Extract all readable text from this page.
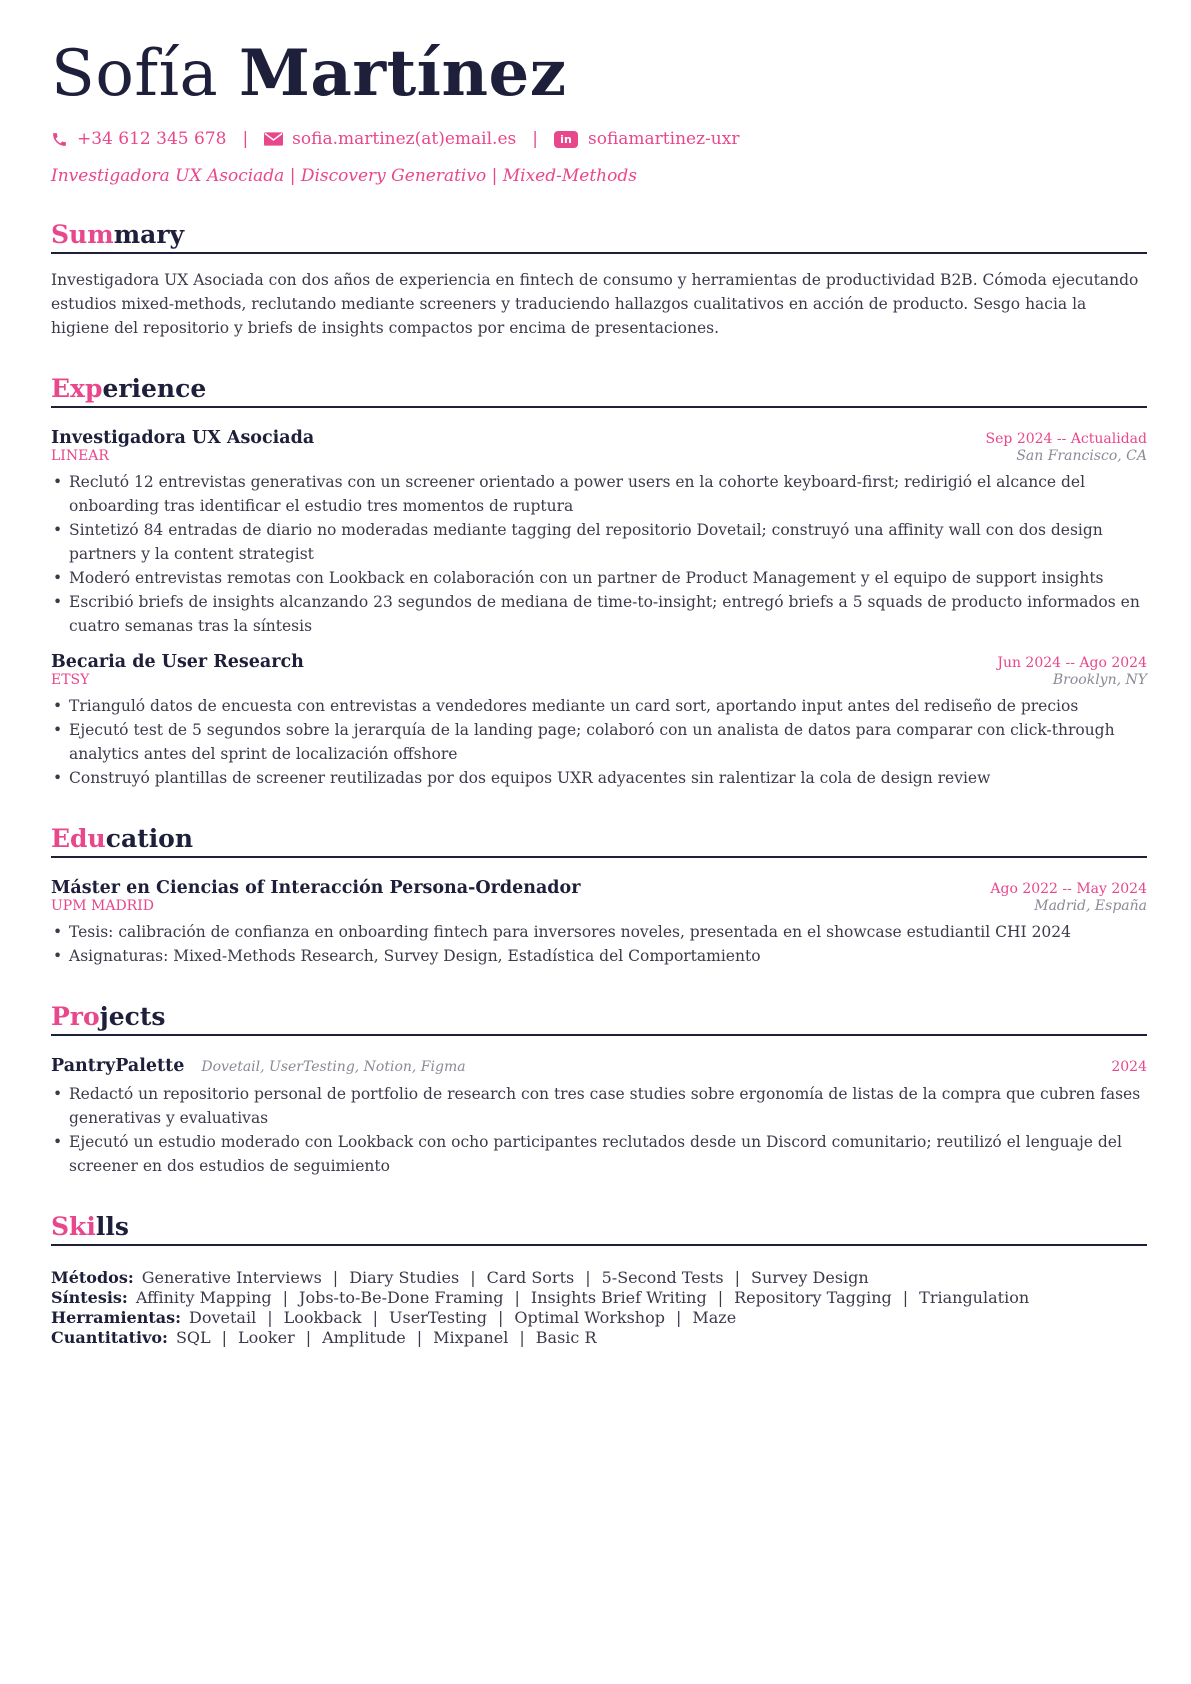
Sofía Martínez
+34 612 345 678 |	sofia.martinez(at)email.es |	in sofiamartinez-uxr
Investigadora UX Asociada | Discovery Generativo | Mixed-Methods
Summary

Investigadora UX Asociada con dos años de experiencia en fintech de consumo y herramientas de productividad B2B. Cómoda ejecutando estudios mixed-methods, reclutando mediante screeners y traduciendo hallazgos cualitativos en acción de producto. Sesgo hacia la higiene del repositorio y briefs de insights compactos por encima de presentaciones.

Experience
Investigadora UX Asociada	Sep 2024 -- Actualidad
LINEAR	San Francisco, CA
• Reclutó 12 entrevistas generativas con un screener orientado a power users en la cohorte keyboard-first; redirigió el alcance del onboarding tras identificar el estudio tres momentos de ruptura
• Sintetizó 84 entradas de diario no moderadas mediante tagging del repositorio Dovetail; construyó una affinity wall con dos design partners y la content strategist
• Moderó entrevistas remotas con Lookback en colaboración con un partner de Product Management y el equipo de support insights
• Escribió briefs de insights alcanzando 23 segundos de mediana de time-to-insight; entregó briefs a 5 squads de producto informados en cuatro semanas tras la síntesis
Becaria de User Research	Jun 2024 -- Ago 2024
ETSY	Brooklyn, NY
• Trianguló datos de encuesta con entrevistas a vendedores mediante un card sort, aportando input antes del rediseño de precios
• Ejecutó test de 5 segundos sobre la jerarquía de la landing page; colaboró con un analista de datos para comparar con click-through analytics antes del sprint de localización offshore
• Construyó plantillas de screener reutilizadas por dos equipos UXR adyacentes sin ralentizar la cola de design review
Education
Máster en Ciencias of Interacción Persona-Ordenador	Ago 2022 -- May 2024
UPM MADRID	Madrid, España
• Tesis: calibración de confianza en onboarding fintech para inversores noveles, presentada en el showcase estudiantil CHI 2024
• Asignaturas: Mixed-Methods Research, Survey Design, Estadística del Comportamiento
Projects
PantryPalette Dovetail, UserTesting, Notion, Figma	2024
• Redactó un repositorio personal de portfolio de research con tres case studies sobre ergonomía de listas de la compra que cubren fases generativas y evaluativas
• Ejecutó un estudio moderado con Lookback con ocho participantes reclutados desde un Discord comunitario; reutilizó el lenguaje del screener en dos estudios de seguimiento
Skills
Métodos: Generative Interviews | Diary Studies | Card Sorts | 5-Second Tests | Survey Design
Síntesis: Affinity Mapping | Jobs-to-Be-Done Framing | Insights Brief Writing | Repository Tagging | Triangulation
Herramientas: Dovetail | Lookback | UserTesting | Optimal Workshop | Maze
Cuantitativo: SQL | Looker | Amplitude | Mixpanel | Basic R
